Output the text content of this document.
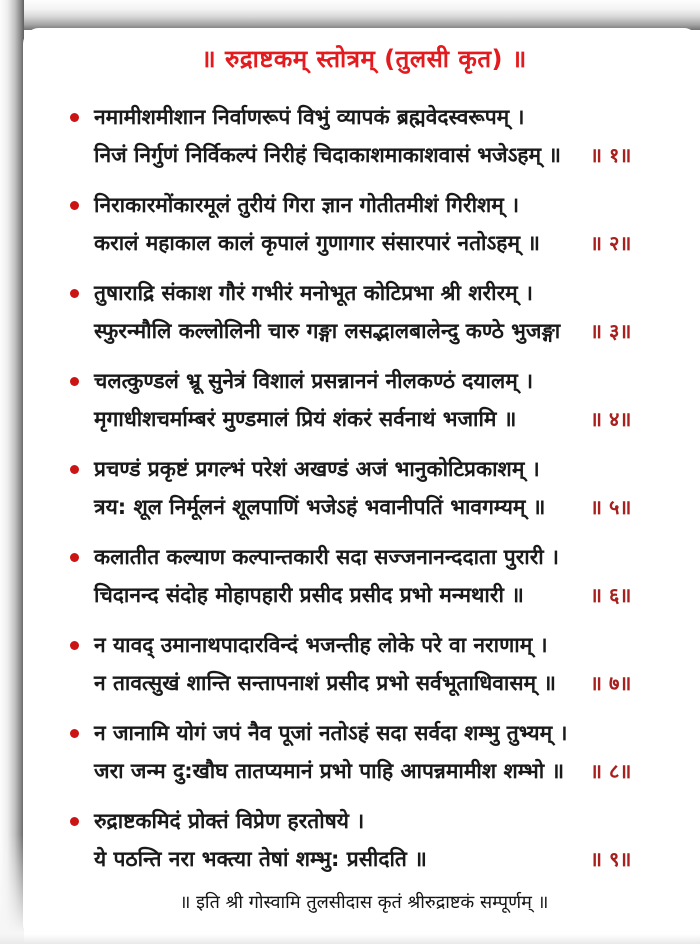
॥ रुद्राष्टकम् स्तोत्रम् (तुलसी कृत) ॥
नमामीशमीशान निर्वाणरूपं विभुं व्यापकं ब्रह्मवेदस्वरूपम् ।
निजं निर्गुणं निर्विकल्पं निरीहं चिदाकाशमाकाशवासं भजेऽहम् ॥	॥ १॥
निराकारमोंकारमूलं तुरीयं गिरा ज्ञान गोतीतमीशं गिरीशम् ।
करालं महाकाल कालं कृपालं गुणागार संसारपारं नतोऽहम् ॥	॥ २॥
तुषाराद्रि संकाश गौरं गभीरं मनोभूत कोटिप्रभा श्री शरीरम् ।
स्फुरन्मौलि कल्लोलिनी चारु गङ्गा लसद्भालबालेन्दु कण्ठे भुजङ्गा	॥ ३॥
चलत्कुण्डलं भ्रू सुनेत्रं विशालं प्रसन्नाननं नीलकण्ठं दयालम् ।
मृगाधीशचर्माम्बरं मुण्डमालं प्रियं शंकरं सर्वनाथं भजामि ॥	॥ ४॥
प्रचण्डं प्रकृष्टं प्रगल्भं परेशं अखण्डं अजं भानुकोटिप्रकाशम् ।
त्रय: शूल निर्मूलनं शूलपाणिं भजेऽहं भवानीपतिं भावगम्यम् ॥	॥ ५॥
कलातीत कल्याण कल्पान्तकारी सदा सज्जनानन्ददाता पुरारी ।
चिदानन्द संदोह मोहापहारी प्रसीद प्रसीद प्रभो मन्मथारी ॥	॥ ६॥
न यावद् उमानाथपादारविन्दं भजन्तीह लोके परे वा नराणाम् ।
न तावत्सुखं शान्ति सन्तापनाशं प्रसीद प्रभो सर्वभूताधिवासम् ॥	॥ ७॥
न जानामि योगं जपं नैव पूजां नतोऽहं सदा सर्वदा शम्भु तुभ्यम् ।
जरा जन्म दु:खौघ तातप्यमानं प्रभो पाहि आपन्नमामीश शम्भो ॥	॥ ८॥
रुद्राष्टकमिदं प्रोक्तं विप्रेण हरतोषये ।
ये पठन्ति नरा भक्त्या तेषां शम्भु: प्रसीदति ॥	॥ ९॥
॥ इति श्री गोस्वामि तुलसीदास कृतं श्रीरुद्राष्टकं सम्पूर्णम् ॥
